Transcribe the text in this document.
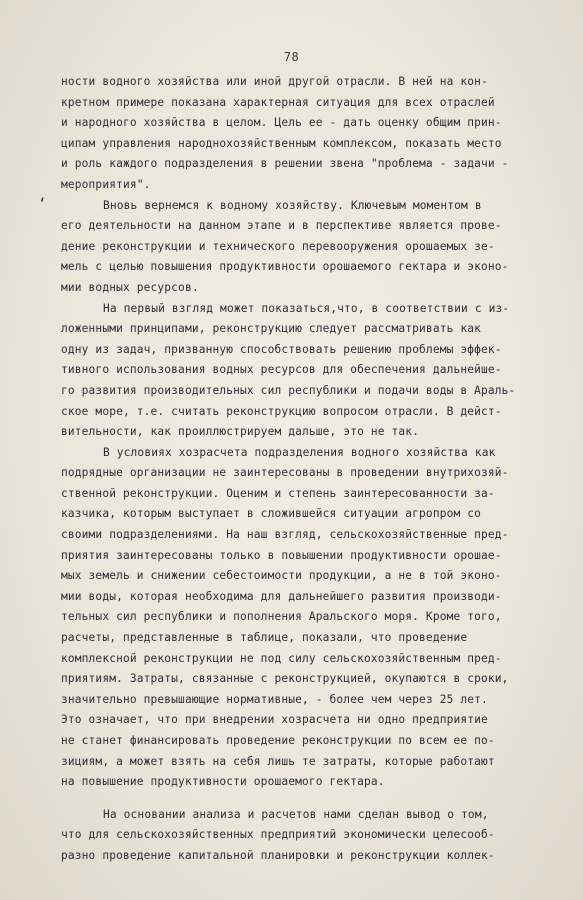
78
ʻ
ности водного хозяйства или иной другой отрасли. В ней на кон-
кретном примере показана характерная ситуация для всех отраслей
и народного хозяйства в целом. Цель ее - дать оценку общим прин-
ципам управления народнохозяйственным комплексом, показать место
и роль каждого подразделения в решении звена "проблема - задачи -
мероприятия".
Вновь вернемся к водному хозяйству. Ключевым моментом в
его деятельности на данном этапе и в перспективе является прове-
дение реконструкции и технического перевооружения орошаемых зе-
мель с целью повышения продуктивности орошаемого гектара и эконо-
мии водных ресурсов.
На первый взгляд может показаться,что, в соответствии с из-
ложенными принципами, реконструкцию следует рассматривать как
одну из задач, призванную способствовать решению проблемы эффек-
тивного использования водных ресурсов для обеспечения дальнейше-
го развития производительных сил республики и подачи воды в Араль-
ское море, т.е. считать реконструкцию вопросом отрасли. В дейст-
вительности, как проиллюстрируем дальше, это не так.
В условиях хозрасчета подразделения водного хозяйства как
подрядные организации не заинтересованы в проведении внутрихозяй-
ственной реконструкции. Оценим и степень заинтересованности за-
казчика, которым выступает в сложившейся ситуации агропром со
своими подразделениями. На наш взгляд, сельскохозяйственные пред-
приятия заинтересованы только в повышении продуктивности орошае-
мых земель и снижении себестоимости продукции, а не в той эконо-
мии воды, которая необходима для дальнейшего развития производи-
тельных сил республики и пополнения Аральского моря. Кроме того,
расчеты, представленные в таблице, показали, что проведение
комплексной реконструкции не под силу сельскохозяйственным пред-
приятиям. Затраты, связанные с реконструкцией, окупаются в сроки,
значительно превышающие нормативные, - более чем через 25 лет.
Это означает, что при внедрении хозрасчета ни одно предприятие
не станет финансировать проведение реконструкции по всем ее по-
зициям, а может взять на себя лишь те затраты, которые работают
на повышение продуктивности орошаемого гектара.
На основании анализа и расчетов нами сделан вывод о том,
что для сельскохозяйственных предприятий экономически целесооб-
разно проведение капитальной планировки и реконструкции коллек-
